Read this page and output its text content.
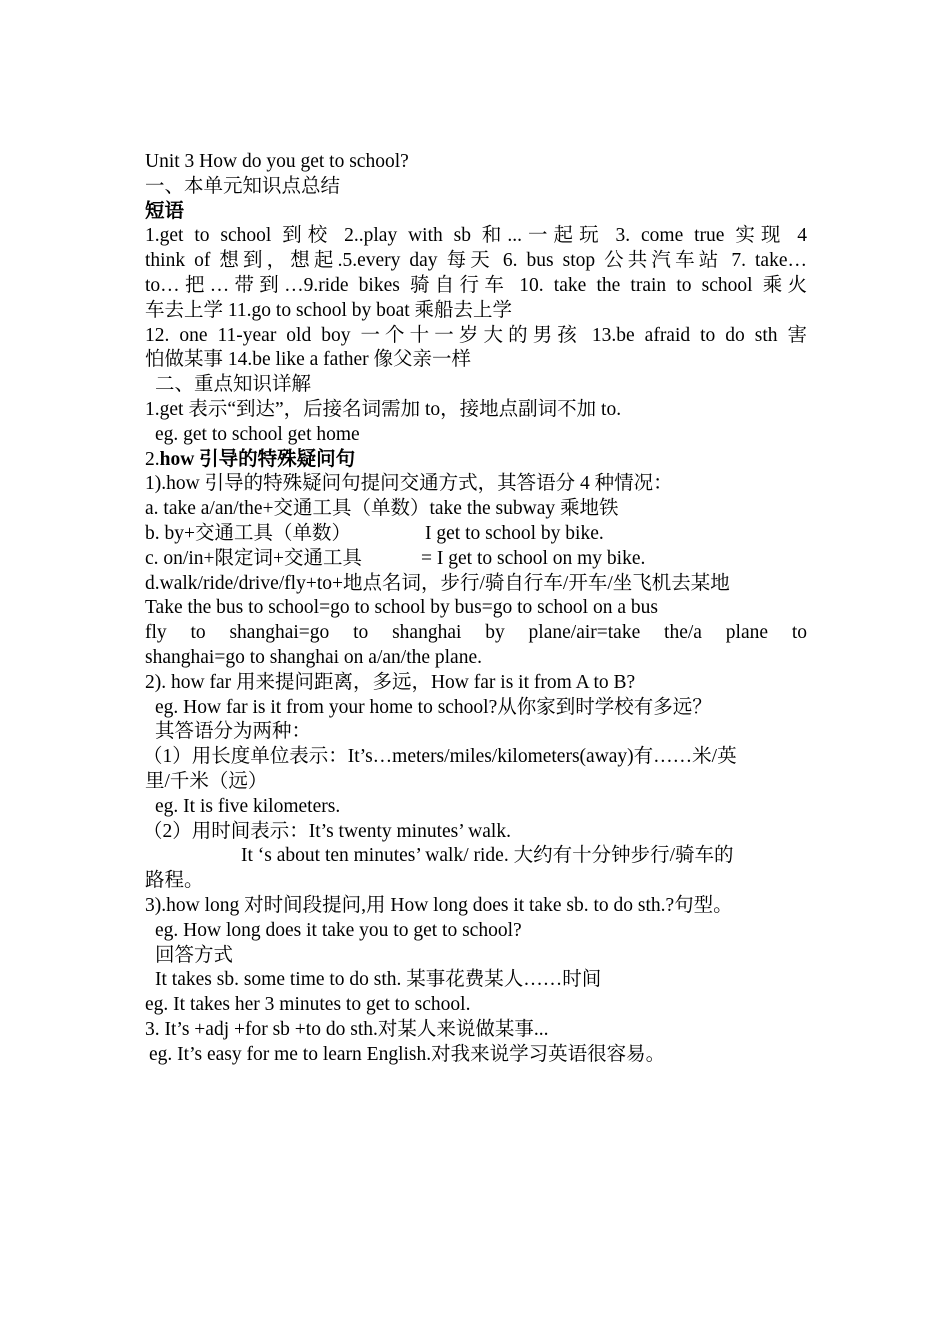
Unit 3 How do you get to school?
一、本单元知识点总结
短语
1.get to school 到校 2..play with sb 和...一起玩 3. come true 实现 4
think of 想到，想起.5.every day 每天 6. bus stop 公共汽车站 7. take…
to…把…带到…9.ride bikes 骑自行车 10. take the train to school 乘火
车去上学 11.go to school by boat 乘船去上学
12. one 11-year old boy 一个十一岁大的男孩 13.be afraid to do sth 害
怕做某事 14.be like a father 像父亲一样
二、重点知识详解
1.get 表示“到达”，后接名词需加 to，接地点副词不加 to.
eg. get to school get home
2.how 引导的特殊疑问句
1).how 引导的特殊疑问句提问交通方式，其答语分 4 种情况：
a. take a/an/the+交通工具（单数）take the subway 乘地铁
b. by+交通工具（单数）	I get to school by bike.
c. on/in+限定词+交通工具	= I get to school on my bike.
d.walk/ride/drive/fly+to+地点名词，步行/骑自行车/开车/坐飞机去某地
Take the bus to school=go to school by bus=go to school on a bus
fly to shanghai=go to shanghai by plane/air=take the/a plane to
shanghai=go to shanghai on a/an/the plane.
2). how far 用来提问距离，多远，How far is it from A to B?
eg. How far is it from your home to school?从你家到时学校有多远？
其答语分为两种：
（1）用长度单位表示：It’s…meters/miles/kilometers(away)有……米/英
里/千米（远）
eg. It is five kilometers.
（2）用时间表示：It’s twenty minutes’ walk.
It ‘s about ten minutes’ walk/ ride. 大约有十分钟步行/骑车的
路程。
3).how long 对时间段提问,用 How long does it take sb. to do sth.?句型。
eg. How long does it take you to get to school?
回答方式
It takes sb. some time to do sth. 某事花费某人……时间
eg. It takes her 3 minutes to get to school.
3. It’s +adj +for sb +to do sth.对某人来说做某事...
eg. It’s easy for me to learn English.对我来说学习英语很容易。
